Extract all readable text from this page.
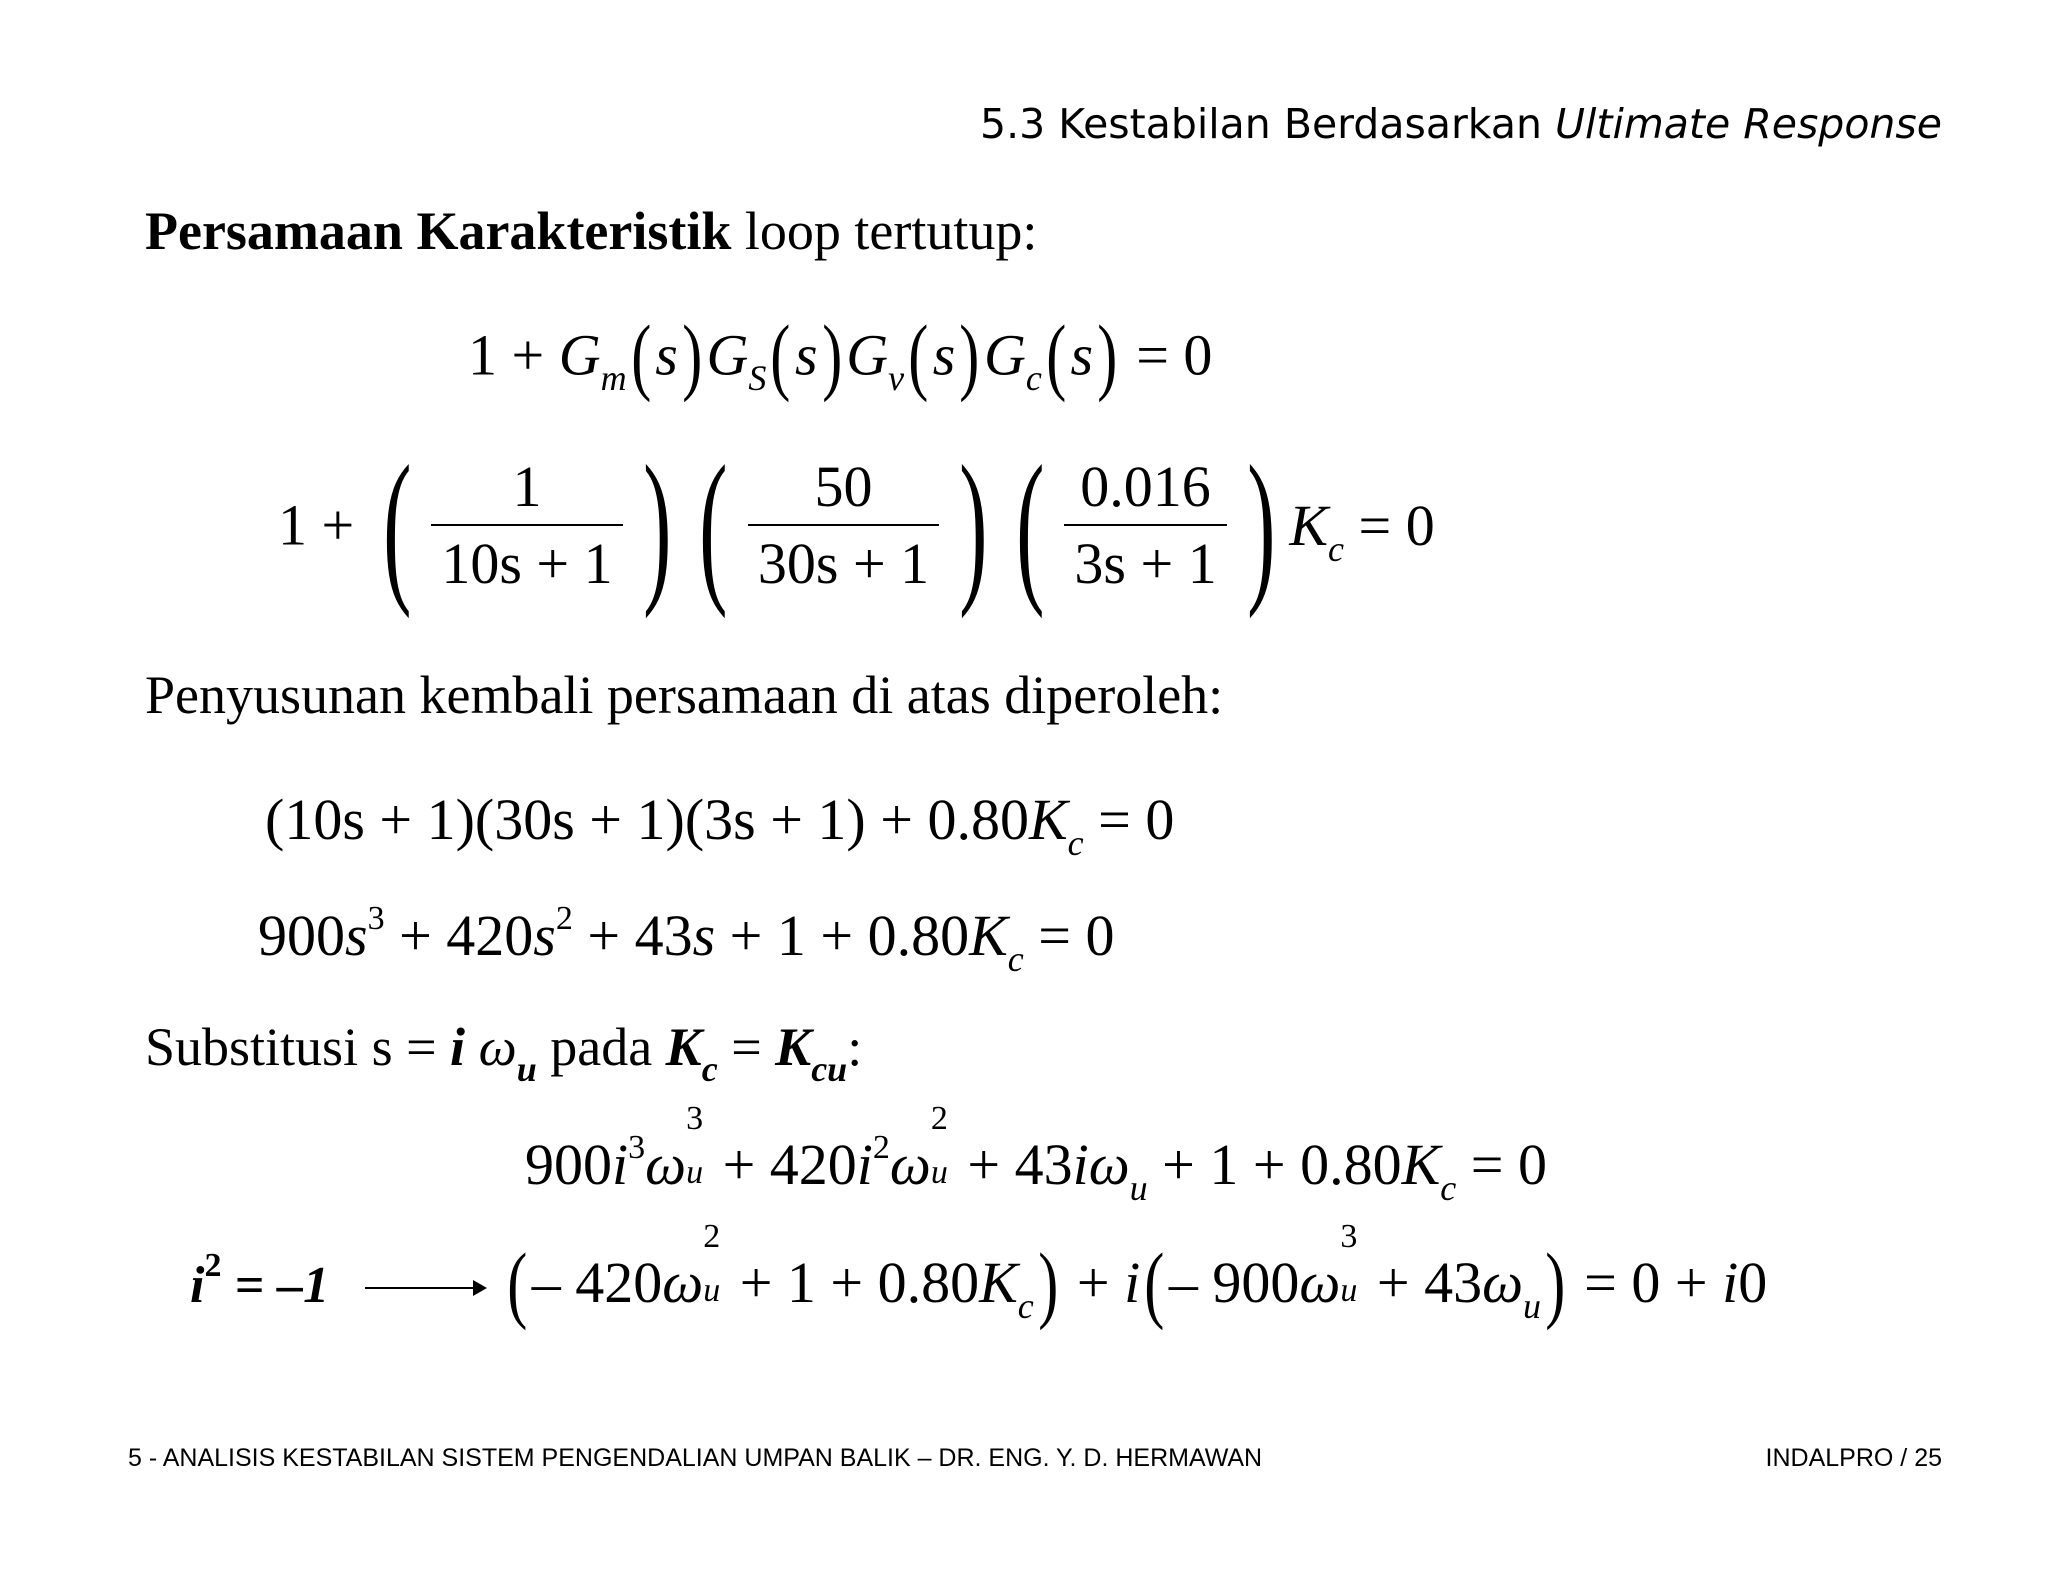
5.3 Kestabilan Berdasarkan Ultimate Response
Persamaan Karakteristik loop tertutup:
$1 + G_m(s)G_S(s)G_v(s)G_c(s) = 0$
1 + ( $\frac{1}{10s + 1}$ ) ( $\frac{50}{30s + 1}$ ) ( $\frac{0.016}{3s + 1}$ ) $K_c = 0$
Penyusunan kembali persamaan di atas diperoleh:
$(10s + 1)(30s + 1)(3s + 1) + 0.80K_c = 0$
$900s^3 + 420s^2 + 43s + 1 + 0.80K_c = 0$
Substitusi s = i $\omega_u$ pada $K_c = K_{cu}$:
$900i^3\omega$
3
$u + 420i^2\omega$
2
$u + 43i\omega_u + 1 + 0.80K_c = 0$
$i^2 = -1$ (– 420ω
2
$u + 1 + 0.80K_c) + i(-$ 900ω
3
$u + 43\omega_u) = 0 + i0$
5 - ANALISIS KESTABILAN SISTEM PENGENDALIAN UMPAN BALIK – DR. ENG. Y. D. HERMAWAN	INDALPRO / 25
